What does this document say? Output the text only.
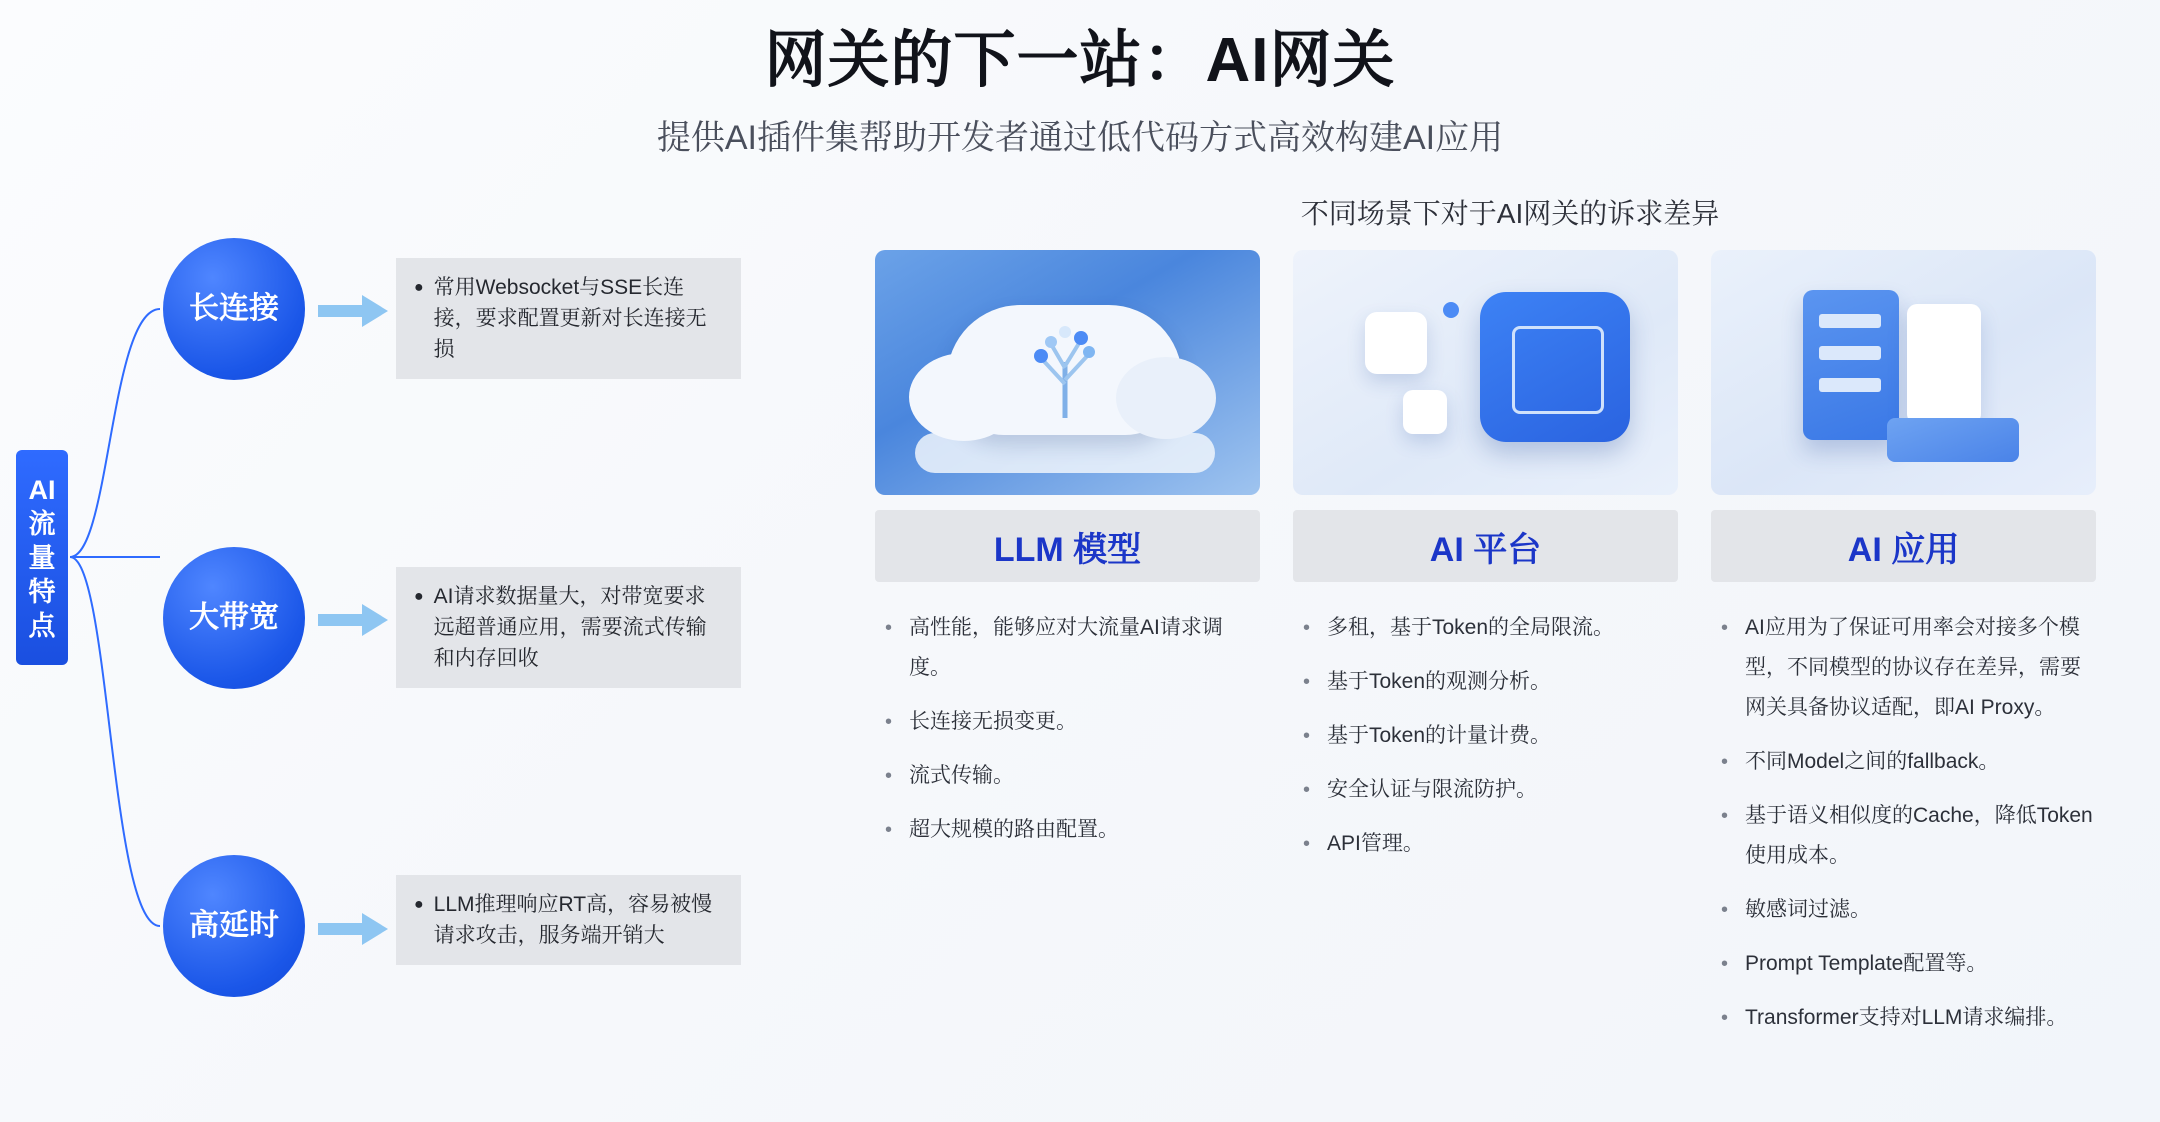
网关的下一站：AI网关
提供AI插件集帮助开发者通过低代码方式高效构建AI应用
AI流量特点
长连接
大带宽
高延时
● 常用Websocket与SSE长连接，要求配置更新对长连接无损
● AI请求数据量大，对带宽要求远超普通应用，需要流式传输和内存回收
● LLM推理响应RT高，容易被慢请求攻击，服务端开销大
不同场景下对于AI网关的诉求差异
LLM 模型
• 高性能，能够应对大流量AI请求调度。
• 长连接无损变更。
• 流式传输。
• 超大规模的路由配置。
AI 平台
• 多租，基于Token的全局限流。
• 基于Token的观测分析。
• 基于Token的计量计费。
• 安全认证与限流防护。
• API管理。
AI 应用
• AI应用为了保证可用率会对接多个模型，不同模型的协议存在差异，需要网关具备协议适配，即AI Proxy。
• 不同Model之间的fallback。
• 基于语义相似度的Cache，降低Token使用成本。
• 敏感词过滤。
• Prompt Template配置等。
• Transformer支持对LLM请求编排。
